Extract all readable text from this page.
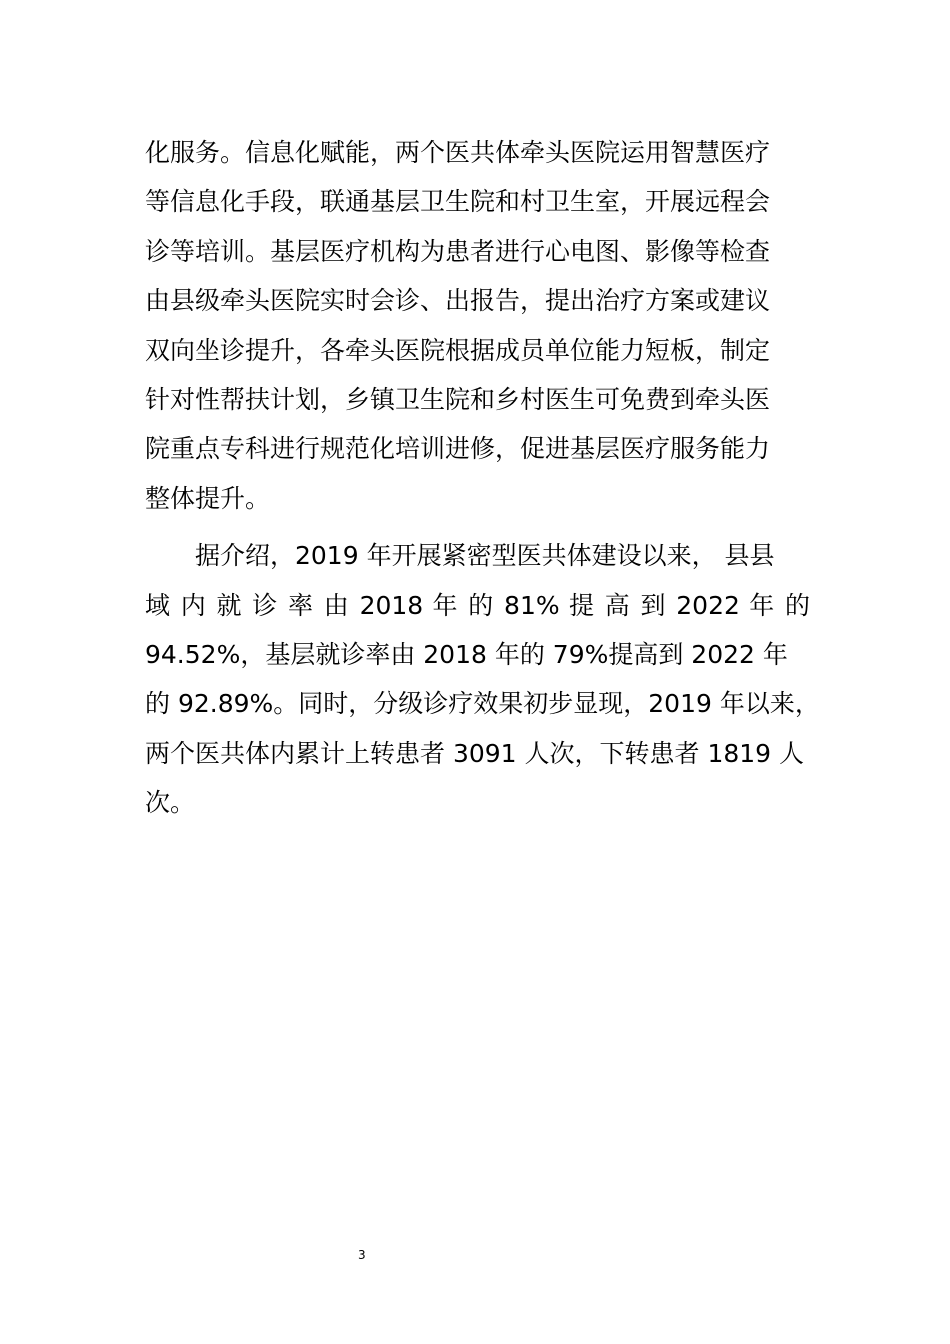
化服务。信息化赋能，两个医共体牵头医院运用智慧医疗
等信息化手段，联通基层卫生院和村卫生室，开展远程会
诊等培训。基层医疗机构为患者进行心电图、影像等检查
由县级牵头医院实时会诊、出报告，提出治疗方案或建议
双向坐诊提升，各牵头医院根据成员单位能力短板，制定
针对性帮扶计划，乡镇卫生院和乡村医生可免费到牵头医
院重点专科进行规范化培训进修，促进基层医疗服务能力
整体提升。
　　据介绍，2019 年开展紧密型医共体建设以来， 县县
域 内 就 诊 率 由 2018 年 的 81% 提 高 到 2022 年 的
94.52%，基层就诊率由 2018 年的 79%提高到 2022 年
的 92.89%。同时，分级诊疗效果初步显现，2019 年以来，
两个医共体内累计上转患者 3091 人次，下转患者 1819 人
次。
3
